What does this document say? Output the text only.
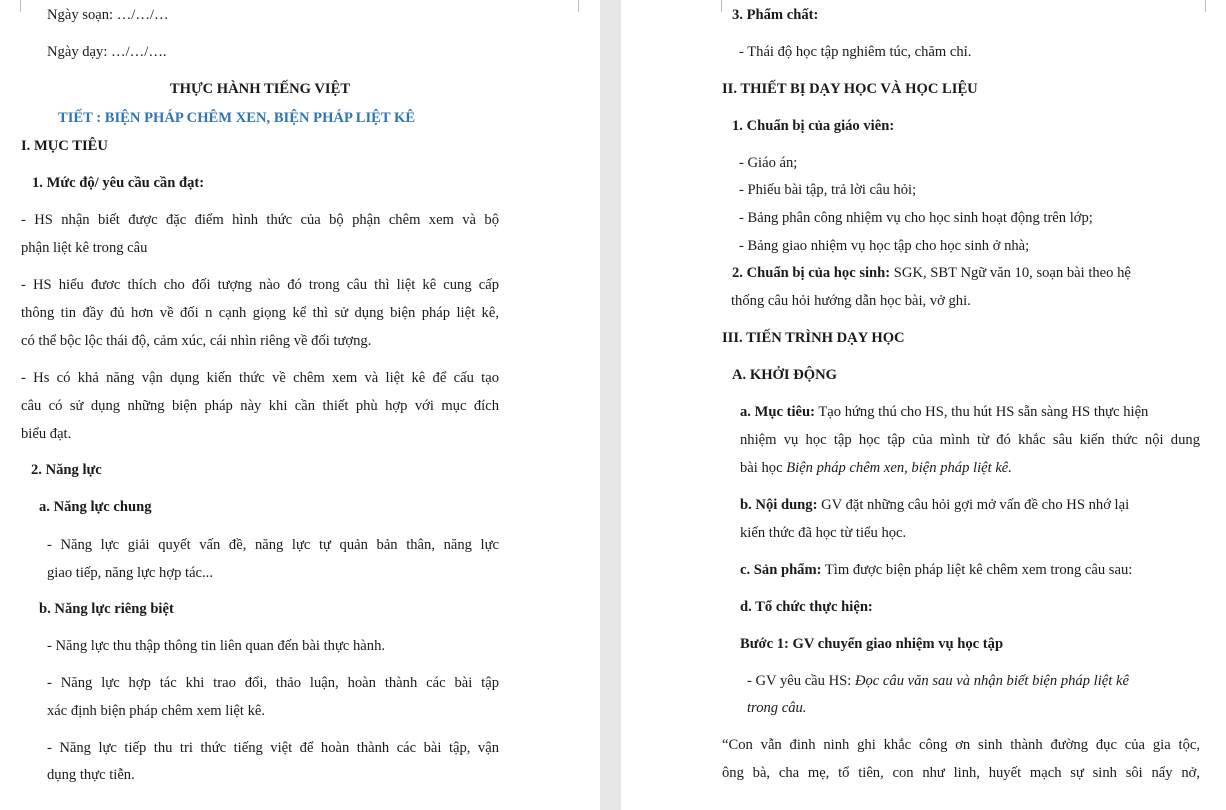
Ngày soạn: …/…/…

Ngày dạy: …/…/….

THỰC HÀNH TIẾNG VIỆT

TIẾT : BIỆN PHÁP CHÊM XEN, BIỆN PHÁP LIỆT KÊ

I. MỤC TIÊU

1. Mức độ/ yêu cầu cần đạt:

- HS nhận biết được đặc điểm hình thức của bộ phận chêm xem và bộ

phận liệt kê trong câu

- HS hiểu đươc thích cho đối tượng nào đó trong câu thì liệt kê cung cấp

thông tin đầy đủ hơn về đối n cạnh giọng kể thì sử dụng biện pháp liệt kê,

có thể bộc lộc thái độ, cảm xúc, cái nhìn riêng về đối tượng.

- Hs có khả năng vận dụng kiến thức về chêm xem và liệt kê để cấu tạo

câu có sử dụng những biện pháp này khi cần thiết phù hợp với mục đích

biểu đạt.

2. Năng lực

a. Năng lực chung

- Năng lực giải quyết vấn đề, năng lực tự quản bản thân, năng lực

giao tiếp, năng lực hợp tác...

b. Năng lực riêng biệt

- Năng lực thu thập thông tin liên quan đến bài thực hành.

- Năng lực hợp tác khi trao đổi, thảo luận, hoàn thành các bài tập

xác định biện pháp chêm xem liệt kê.

- Năng lực tiếp thu tri thức tiếng việt để hoàn thành các bài tập, vận

dụng thực tiễn.

3. Phẩm chất:

- Thái độ học tập nghiêm túc, chăm chỉ.

II. THIẾT BỊ DẠY HỌC VÀ HỌC LIỆU

1. Chuẩn bị của giáo viên:

- Giáo án;

- Phiếu bài tập, trả lời câu hỏi;

- Bảng phân công nhiệm vụ cho học sinh hoạt động trên lớp;

- Bảng giao nhiệm vụ học tập cho học sinh ở nhà;

2. Chuẩn bị của học sinh: SGK, SBT Ngữ văn 10, soạn bài theo hệ

thống câu hỏi hướng dẫn học bài, vở ghi.

III. TIẾN TRÌNH DẠY HỌC

A. KHỞI ĐỘNG

a. Mục tiêu: Tạo hứng thú cho HS, thu hút HS sẵn sàng HS thực hiện

nhiệm vụ học tập học tập của mình từ đó khắc sâu kiến thức nội dung

bài học Biện pháp chêm xen, biện pháp liệt kê.

b. Nội dung: GV đặt những câu hỏi gợi mở vấn đề cho HS nhớ lại

kiến thức đã học từ tiểu học.

c. Sản phẩm: Tìm được biện pháp liệt kê chêm xem trong câu sau:

d. Tổ chức thực hiện:

Bước 1: GV chuyển giao nhiệm vụ học tập

- GV yêu cầu HS: Đọc câu văn sau và nhận biết biện pháp liệt kê

trong câu.

“Con vẫn đinh ninh ghi khắc công ơn sinh thành đường đục của gia tộc,

ông bà, cha mẹ, tổ tiên, con như linh, huyết mạch sự sinh sôi nẩy nở,
